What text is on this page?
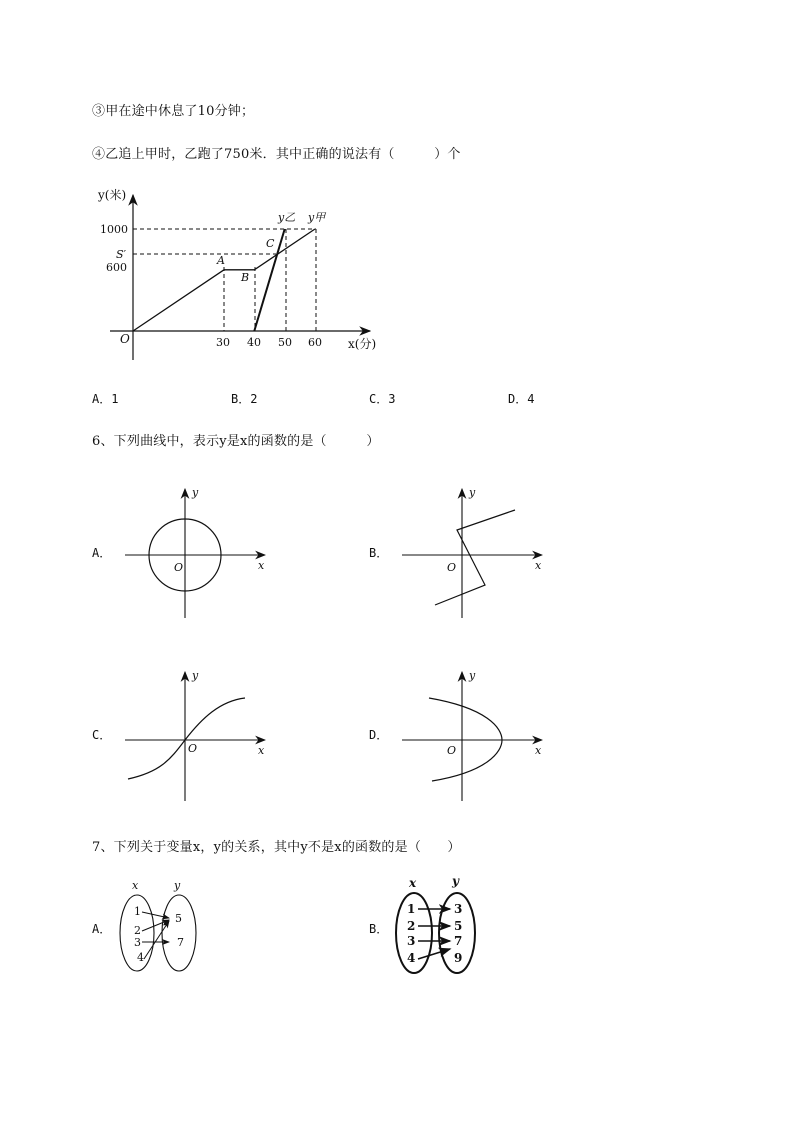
③甲在途中休息了10分钟；
④乙追上甲时，乙跑了750米．其中正确的说法有（　　　）个
y(米)
x(分)
O
1000
S′
600
30 40 50 60
A
B
C
y乙 y甲
A．1	B．2	C．3	D．4
6、下列曲线中，表示y是x的函数的是（　　　）
A．	B．
C．	D．
y
x
O
y
x
O
y
x
O
y
x
O
7、下列关于变量x，y的关系，其中y不是x的函数的是（　　）
A．	B．
x	y
1
2
3
4
5
7
x	y
1
2
3
4
3
5
7
9
